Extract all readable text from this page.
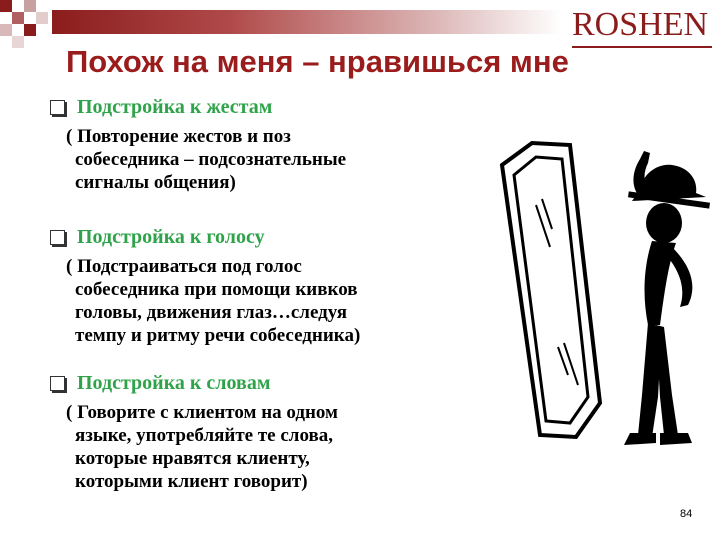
ROSHEN
Похож на меня – нравишься мне
Подстройка к жестам
( Повторение жестов и поз
собеседника – подсознательные
сигналы общения)
Подстройка к голосу
( Подстраиваться под голос
собеседника при помощи кивков
головы, движения глаз…следуя
темпу и ритму речи собеседника)
Подстройка к словам
( Говорите с клиентом на одном
языке, употребляйте те слова,
которые нравятся клиенту,
которыми клиент говорит)
84
